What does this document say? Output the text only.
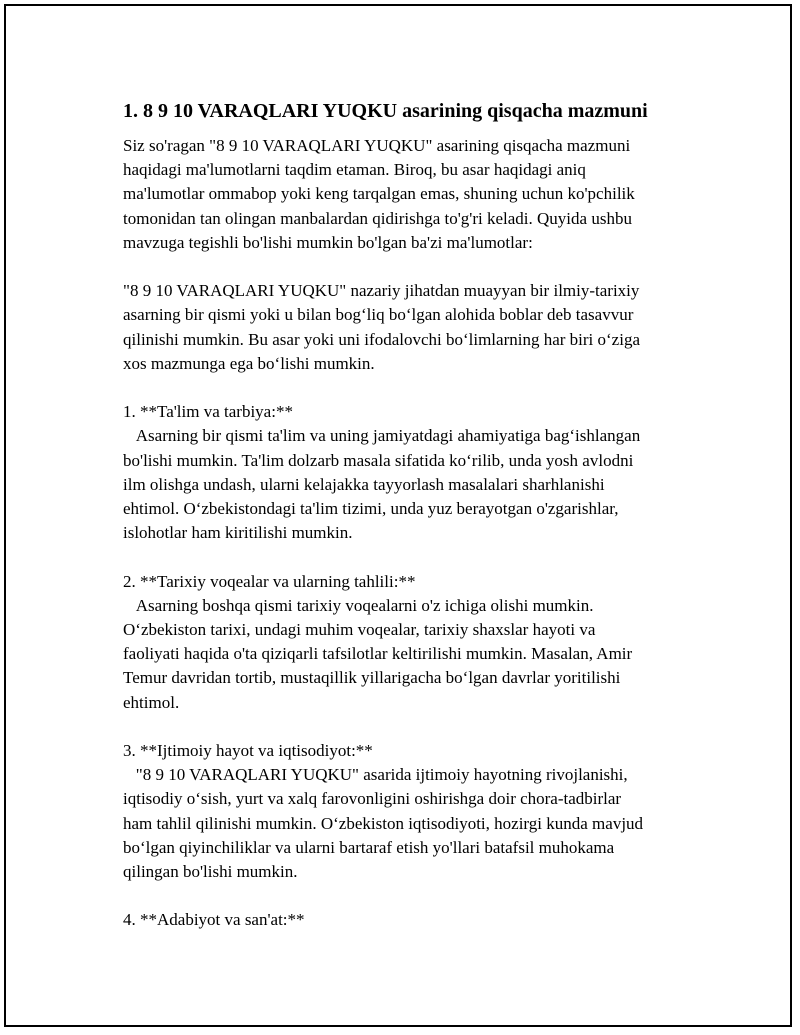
1. 8 9 10 VARAQLARI YUQKU asarining qisqacha mazmuni

Siz so'ragan "8 9 10 VARAQLARI YUQKU" asarining qisqacha mazmuni
haqidagi ma'lumotlarni taqdim etaman. Biroq, bu asar haqidagi aniq
ma'lumotlar ommabop yoki keng tarqalgan emas, shuning uchun ko'pchilik
tomonidan tan olingan manbalardan qidirishga to'g'ri keladi. Quyida ushbu
mavzuga tegishli bo'lishi mumkin bo'lgan ba'zi ma'lumotlar:

"8 9 10 VARAQLARI YUQKU" nazariy jihatdan muayyan bir ilmiy-tarixiy
asarning bir qismi yoki u bilan bog‘liq bo‘lgan alohida boblar deb tasavvur
qilinishi mumkin. Bu asar yoki uni ifodalovchi bo‘limlarning har biri o‘ziga
xos mazmunga ega bo‘lishi mumkin.

1. **Ta'lim va tarbiya:**

Asarning bir qismi ta'lim va uning jamiyatdagi ahamiyatiga bag‘ishlangan
bo'lishi mumkin. Ta'lim dolzarb masala sifatida ko‘rilib, unda yosh avlodni
ilm olishga undash, ularni kelajakka tayyorlash masalalari sharhlanishi
ehtimol. O‘zbekistondagi ta'lim tizimi, unda yuz berayotgan o'zgarishlar,
islohotlar ham kiritilishi mumkin.

2. **Tarixiy voqealar va ularning tahlili:**

Asarning boshqa qismi tarixiy voqealarni o'z ichiga olishi mumkin.
O‘zbekiston tarixi, undagi muhim voqealar, tarixiy shaxslar hayoti va
faoliyati haqida o'ta qiziqarli tafsilotlar keltirilishi mumkin. Masalan, Amir
Temur davridan tortib, mustaqillik yillarigacha bo‘lgan davrlar yoritilishi
ehtimol.

3. **Ijtimoiy hayot va iqtisodiyot:**

"8 9 10 VARAQLARI YUQKU" asarida ijtimoiy hayotning rivojlanishi,
iqtisodiy o‘sish, yurt va xalq farovonligini oshirishga doir chora-tadbirlar
ham tahlil qilinishi mumkin. O‘zbekiston iqtisodiyoti, hozirgi kunda mavjud
bo‘lgan qiyinchiliklar va ularni bartaraf etish yo'llari batafsil muhokama
qilingan bo'lishi mumkin.

4. **Adabiyot va san'at:**
